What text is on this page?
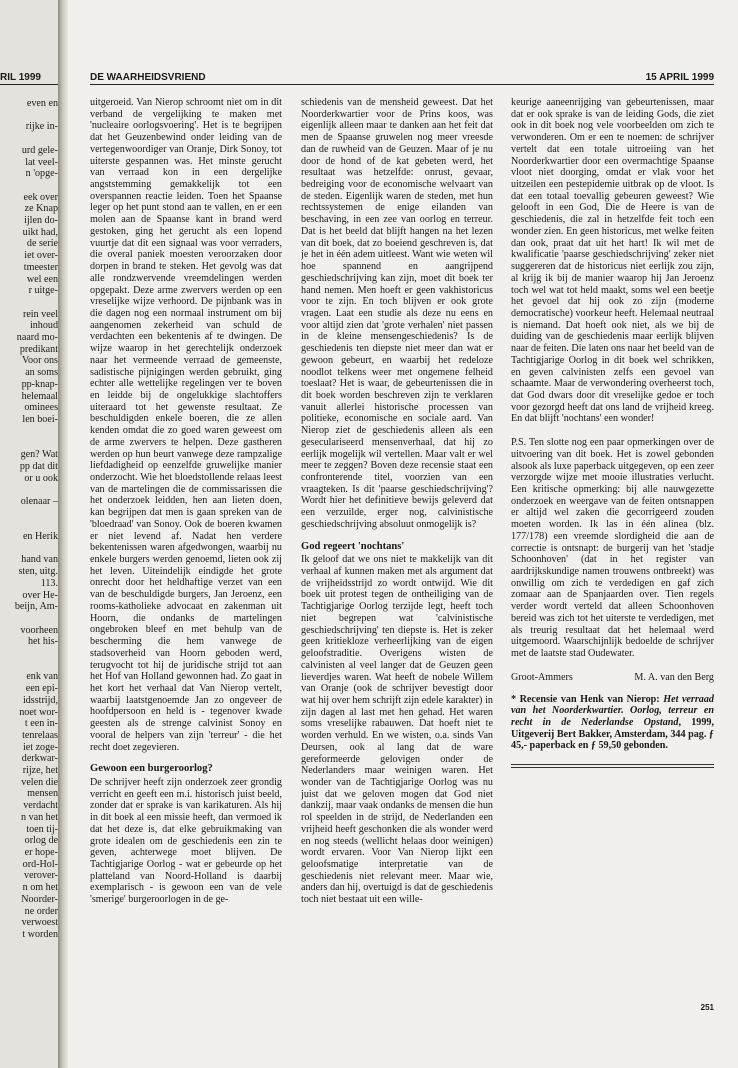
RIL 1999
even en

rijke in-

urd gele-
lat veel-
n 'opge-

eek over
ze Knap
ijlen do-
uikt had,
de serie
iet over-
tmeester
wel een
r uitge-

rein veel
inhoud
naard mo-
predikant
Voor ons
an soms
pp-knap-
helemaal
ominees
len boei-

gen? Wat
pp dat dit
or u ook

olenaar –

en Herik

hand van
sten, uitg.
113.
over He-
beijn, Am-

voorheen
het his-

enk van
een epi-
idsstrijd,
noet wor-
t een in-
tenrelaas
iet zoge-
derkwar-
rijze, het
velen die
mensen
verdacht
n van het
toen tij-
orlog de
er hope-
ord-Hol-
verover-
n om het
Noorder-
ne order
verwoest
t worden
DE WAARHEIDSVRIEND	15 APRIL 1999

uitgeroeid. Van Nierop schroomt niet om in dit verband de vergelijking te maken met 'nucleaire oorlogsvoering'. Het is te begrijpen dat het Geuzenbewind onder leiding van de vertegenwoordiger van Oranje, Dirk Sonoy, tot uiterste gespannen was. Het minste gerucht van verraad kon in een dergelijke angststemming gemakkelijk tot een overspannen reactie leiden. Toen het Spaanse leger op het punt stond aan te vallen, en er een molen aan de Spaanse kant in brand werd gestoken, ging het gerucht als een lopend vuurtje dat dit een signaal was voor verraders, die overal paniek moesten veroorzaken door dorpen in brand te steken. Het gevolg was dat alle rondzwervende vreemdelingen werden opgepakt. Deze arme zwervers werden op een vreselijke wijze verhoord. De pijnbank was in die dagen nog een normaal instrument om bij aangenomen zekerheid van schuld de verdachten een bekentenis af te dwingen. De wijze waarop in het gerechtelijk onderzoek naar het vermeende verraad de gemeenste, sadistische pijnigingen werden gebruikt, ging echter alle wettelijke regelingen ver te boven en leidde bij de ongelukkige slachtoffers uiteraard tot het gewenste resultaat. Ze beschuldigden enkele boeren, die ze allen kenden omdat die zo goed waren geweest om de arme zwervers te helpen. Deze gastheren werden op hun beurt vanwege deze rampzalige liefdadigheid op eenzelfde gruwelijke manier onderzocht. Wie het bloedstollende relaas leest van de martelingen die de commissarissen die het onderzoek leidden, hen aan lieten doen, kan begrijpen dat men is gaan spreken van de 'bloedraad' van Sonoy. Ook de boeren kwamen er niet levend af. Nadat hen verdere bekentenissen waren afgedwongen, waarbij nu enkele burgers werden genoemd, lieten ook zij het leven. Uiteindelijk eindigde het grote onrecht door het heldhaftige verzet van een van de beschuldigde burgers, Jan Jeroenz, een rooms-katholieke advocaat en zakenman uit Hoorn, die ondanks de martelingen ongebroken bleef en met behulp van de bescherming die hem vanwege de stadsoverheid van Hoorn geboden werd, terugvocht tot hij de juridische strijd tot aan het Hof van Holland gewonnen had. Zo gaat in het kort het verhaal dat Van Nierop vertelt, waarbij laatstgenoemde Jan zo ongeveer de hoofdpersoon en held is - tegenover kwade geesten als de strenge calvinist Sonoy en vooral de helpers van zijn 'terreur' - die het recht doet zegevieren.

Gewoon een burgeroorlog?

De schrijver heeft zijn onderzoek zeer grondig verricht en geeft een m.i. historisch juist beeld, zonder dat er sprake is van karikaturen. Als hij in dit boek al een missie heeft, dan vermoed ik dat het deze is, dat elke gebruikmaking van grote idealen om de geschiedenis een zin te geven, achterwege moet blijven. De Tachtigjarige Oorlog - wat er gebeurde op het platteland van Noord-Holland is daarbij exemplarisch - is gewoon een van de vele 'smerige' burgeroorlogen in de ge-

schiedenis van de mensheid geweest. Dat het Noorderkwartier voor de Prins koos, was eigenlijk alleen maar te danken aan het feit dat men de Spaanse gruwelen nog meer vreesde dan de ruwheid van de Geuzen. Maar of je nu door de hond of de kat gebeten werd, het resultaat was hetzelfde: onrust, gevaar, bedreiging voor de economische welvaart van de steden. Eigenlijk waren de steden, met hun rechtssystemen de enige eilanden van beschaving, in een zee van oorlog en terreur. Dat is het beeld dat blijft hangen na het lezen van dit boek, dat zo boeiend geschreven is, dat je het in één adem uitleest. Want wie weten wil hoe spannend en aangrijpend geschiedschrijving kan zijn, moet dit boek ter hand nemen. Men hoeft er geen vakhistoricus voor te zijn. En toch blijven er ook grote vragen. Laat een studie als deze nu eens en voor altijd zien dat 'grote verhalen' niet passen in de kleine mensengeschiedenis? Is de geschiedenis ten diepste niet meer dan wat er gewoon gebeurt, en waarbij het redeloze noodlot telkens weer met ongemene felheid toeslaat? Het is waar, de gebeurtenissen die in dit boek worden beschreven zijn te verklaren vanuit allerlei historische processen van politieke, economische en sociale aard. Van Nierop ziet de geschiedenis alleen als een geseculariseerd mensenverhaal, dat hij zo eerlijk mogelijk wil vertellen. Maar valt er wel meer te zeggen? Boven deze recensie staat een confronterende titel, voorzien van een vraagteken. Is dit 'paarse geschiedschrijving'? Wordt hier het definitieve bewijs geleverd dat een verzuilde, erger nog, calvinistische geschiedschrijving absoluut onmogelijk is?

God regeert 'nochtans'

Ik geloof dat we ons niet te makkelijk van dit verhaal af kunnen maken met als argument dat de vrijheidsstrijd zo wordt ontwijd. Wie dit boek uit protest tegen de ontheiliging van de Tachtigjarige Oorlog terzijde legt, heeft toch niet begrepen wat 'calvinistische geschiedschrijving' ten diepste is. Het is zeker geen kritiekloze verheerlijking van de eigen geloofstraditie. Overigens wisten de calvinisten al veel langer dat de Geuzen geen lieverdjes waren. Wat heeft de nobele Willem van Oranje (ook de schrijver bevestigt door wat hij over hem schrijft zijn edele karakter) in zijn dagen al last met hen gehad. Het waren soms vreselijke rabauwen. Dat hoeft niet te worden verhuld. En we wisten, o.a. sinds Van Deursen, ook al lang dat de ware gereformeerde gelovigen onder de Nederlanders maar weinigen waren. Het wonder van de Tachtigjarige Oorlog was nu juist dat we geloven mogen dat God niet dankzij, maar vaak ondanks de mensen die hun rol speelden in de strijd, de Nederlanden een vrijheid heeft geschonken die als wonder werd en nog steeds (wellicht helaas door weinigen) wordt ervaren. Voor Van Nierop lijkt een geloofsmatige interpretatie van de geschiedenis niet relevant meer. Maar wie, anders dan hij, overtuigd is dat de geschiedenis toch niet bestaat uit een wille-

keurige aaneenrijging van gebeurtenissen, maar dat er ook sprake is van de leiding Gods, die ziet ook in dit boek nog vele voorbeelden om zich te verwonderen. Om er een te noemen: de schrijver vertelt dat een totale uitroeiing van het Noorderkwartier door een overmachtige Spaanse vloot niet doorging, omdat er vlak voor het uitzeilen een pestepidemie uitbrak op de vloot. Is dat een totaal toevallig gebeuren geweest? Wie gelooft in een God, Die de Heere is van de geschiedenis, die zal in hetzelfde feit toch een wonder zien. En geen historicus, met welke feiten dan ook, praat dat uit het hart! Ik wil met de kwalificatie 'paarse geschiedschrijving' zeker niet suggereren dat de historicus niet eerlijk zou zijn, al krijg ik bij de manier waarop hij Jan Jeroenz toch wel wat tot held maakt, soms wel een beetje het gevoel dat hij ook zo zijn (moderne democratische) voorkeur heeft. Helemaal neutraal is niemand. Dat hoeft ook niet, als we bij de duiding van de geschiedenis maar eerlijk blijven naar de feiten. Die laten ons naar het beeld van de Tachtigjarige Oorlog in dit boek wel schrikken, en geven calvinisten zelfs een gevoel van schaamte. Maar de verwondering overheerst toch, dat God dwars door dit vreselijke gedoe er toch voor gezorgd heeft dat ons land de vrijheid kreeg. En dat blijft 'nochtans' een wonder!

P.S. Ten slotte nog een paar opmerkingen over de uitvoering van dit boek. Het is zowel gebonden alsook als luxe paperback uitgegeven, op een zeer verzorgde wijze met mooie illustraties verlucht. Een kritische opmerking: bij alle nauwgezette onderzoek en weergave van de feiten ontsnappen er altijd wel zaken die gecorrigeerd zouden moeten worden. Ik las in één alinea (blz. 177/178) een vreemde slordigheid die aan de correctie is ontsnapt: de burgerij van het 'stadje Schoonhoven' (dat in het register van aardrijkskundige namen trouwens ontbreekt) was onwillig om zich te verdedigen en gaf zich zomaar aan de Spanjaarden over. Tien regels verder wordt verteld dat alleen Schoonhoven bereid was zich tot het uiterste te verdedigen, met als treurig resultaat dat het helemaal werd uitgemoord. Waarschijnlijk bedoelde de schrijver met de laatste stad Oudewater.

Groot-Ammers	M. A. van den Berg

* Recensie van Henk van Nierop: Het verraad van het Noorderkwartier. Oorlog, terreur en recht in de Nederlandse Opstand, 1999, Uitgeverij Bert Bakker, Amsterdam, 344 pag. ƒ 45,- paperback en ƒ 59,50 gebonden.

251
